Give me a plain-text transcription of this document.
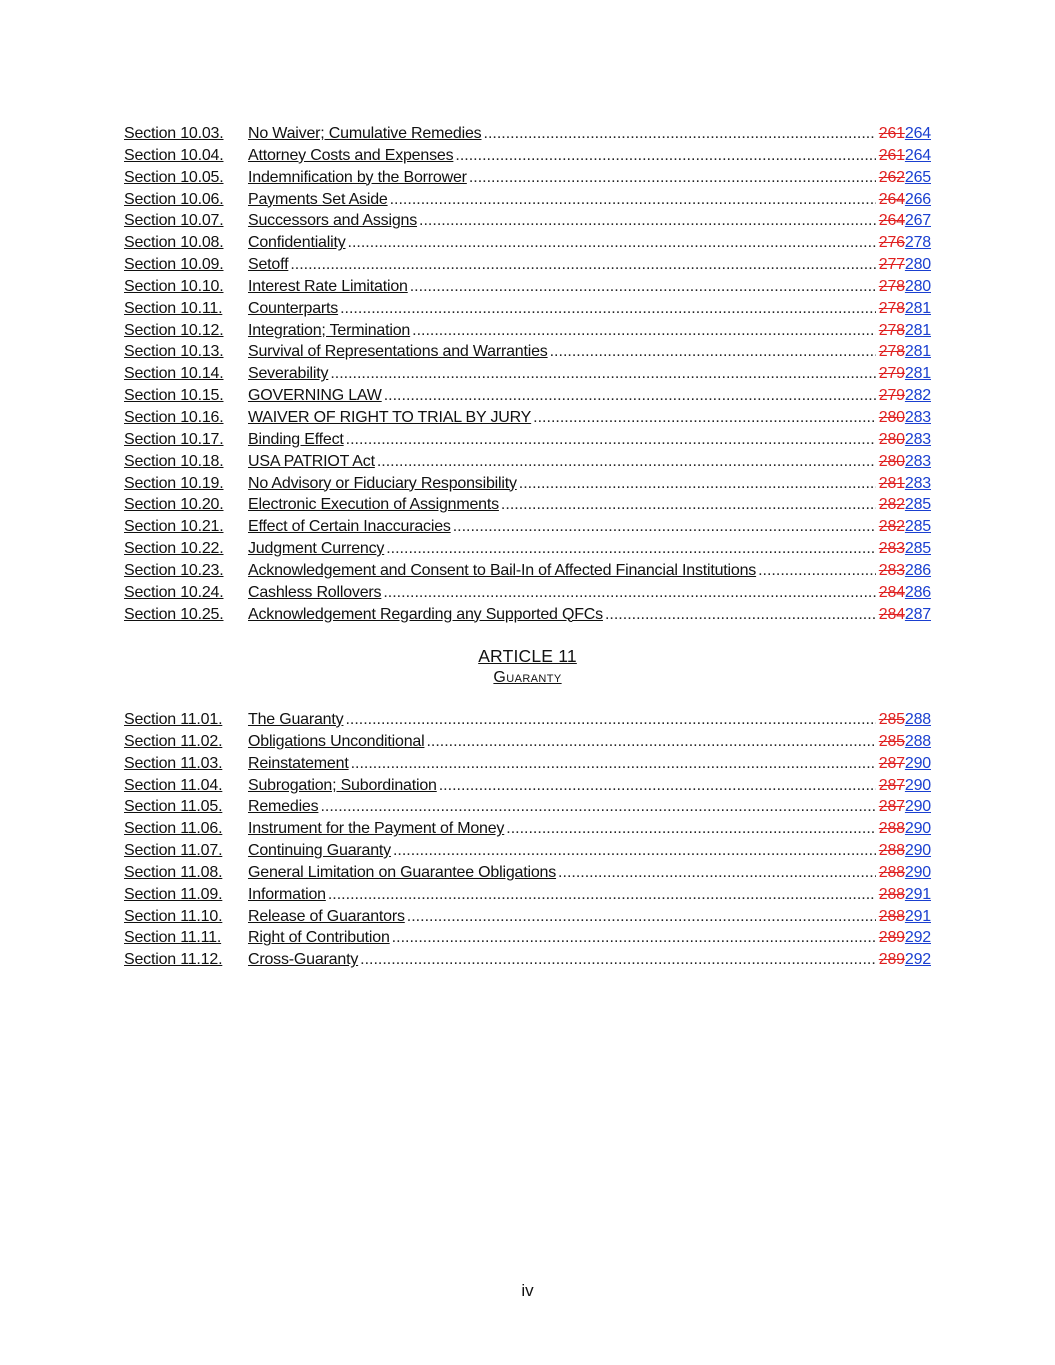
Section 10.03.	No Waiver; Cumulative Remedies .....	261264
Section 10.04.	Attorney Costs and Expenses .....	261264
Section 10.05.	Indemnification by the Borrower .....	262265
Section 10.06.	Payments Set Aside .....	264266
Section 10.07.	Successors and Assigns .....	264267
Section 10.08.	Confidentiality .....	276278
Section 10.09.	Setoff .....	277280
Section 10.10.	Interest Rate Limitation .....	278280
Section 10.11.	Counterparts .....	278281
Section 10.12.	Integration; Termination .....	278281
Section 10.13.	Survival of Representations and Warranties .....	278281
Section 10.14.	Severability .....	279281
Section 10.15.	GOVERNING LAW .....	279282
Section 10.16.	WAIVER OF RIGHT TO TRIAL BY JURY .....	280283
Section 10.17.	Binding Effect .....	280283
Section 10.18.	USA PATRIOT Act .....	280283
Section 10.19.	No Advisory or Fiduciary Responsibility .....	281283
Section 10.20.	Electronic Execution of Assignments .....	282285
Section 10.21.	Effect of Certain Inaccuracies .....	282285
Section 10.22.	Judgment Currency .....	283285
Section 10.23.	Acknowledgement and Consent to Bail-In of Affected Financial Institutions .....	283286
Section 10.24.	Cashless Rollovers .....	284286
Section 10.25.	Acknowledgement Regarding any Supported QFCs .....	284287
ARTICLE 11
Guaranty
Section 11.01.	The Guaranty .....	285288
Section 11.02.	Obligations Unconditional .....	285288
Section 11.03.	Reinstatement .....	287290
Section 11.04.	Subrogation; Subordination .....	287290
Section 11.05.	Remedies .....	287290
Section 11.06.	Instrument for the Payment of Money .....	288290
Section 11.07.	Continuing Guaranty .....	288290
Section 11.08.	General Limitation on Guarantee Obligations .....	288290
Section 11.09.	Information .....	288291
Section 11.10.	Release of Guarantors .....	288291
Section 11.11.	Right of Contribution .....	289292
Section 11.12.	Cross-Guaranty .....	289292
iv
